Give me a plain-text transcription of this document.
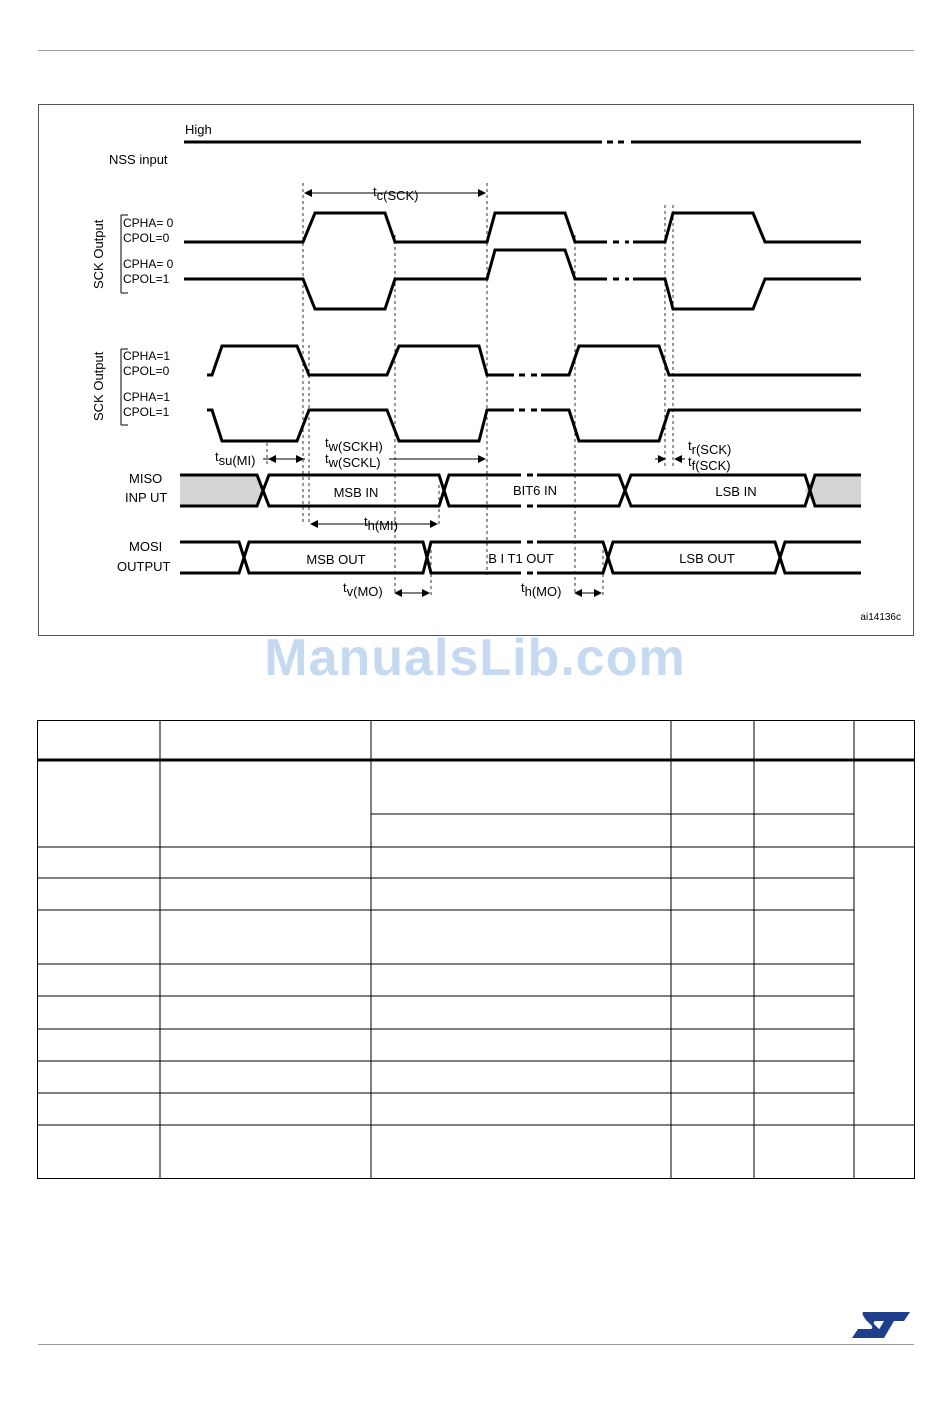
High
NSS input
SCK Output CPHA= 0
CPOL=0
CPHA= 0
CPOL=1
SCK Output CPHA=1
CPOL=0
CPHA=1
CPOL=1
MISO
INP UT	MSB IN	BIT6 IN	LSB IN
MOSI
OUTPUT	MSB OUT	B I T1 OUT	LSB OUT
tc(SCK)
tsu(MI)
tw(SCKH)
tw(SCKL)
tr(SCK)
tf(SCK)
th(MI)
tv(MO)	th(MO)
ai14136c
ManualsLib.com
